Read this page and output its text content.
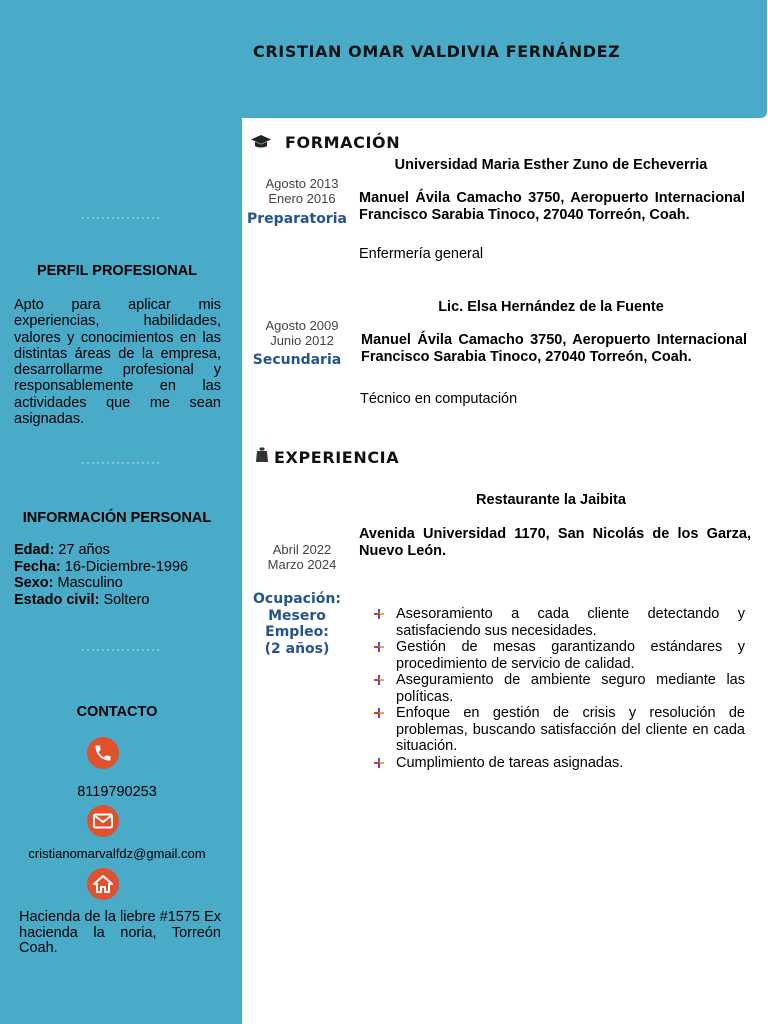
CRISTIAN OMAR VALDIVIA FERNÁNDEZ
················
PERFIL PROFESIONAL
Apto para aplicar mis experiencias, habilidades, valores y conocimientos en las distintas áreas de la empresa, desarrollarme profesional y responsablemente en las actividades que me sean asignadas.
················
INFORMACIÓN PERSONAL
Edad: 27 años
Fecha: 16-Diciembre-1996
Sexo: Masculino
Estado civil: Soltero
················
CONTACTO
8119790253
cristianomarvalfdz@gmail.com
Hacienda de la liebre #1575 Ex hacienda la noria, Torreón Coah.
FORMACIÓN
Universidad Maria Esther Zuno de Echeverria
Agosto 2013
Enero 2016
Preparatoria
Manuel Ávila Camacho 3750, Aeropuerto Internacional Francisco Sarabia Tinoco, 27040 Torreón, Coah.
Enfermería general
Lic. Elsa Hernández de la Fuente
Agosto 2009
Junio 2012
Secundaria
Manuel Ávila Camacho 3750, Aeropuerto Internacional Francisco Sarabia Tinoco, 27040 Torreón, Coah.
Técnico en computación
EXPERIENCIA
Restaurante la Jaibita
Avenida Universidad 1170, San Nicolás de los Garza, Nuevo León.
Abril 2022
Marzo 2024
Ocupación:
Mesero
Empleo:
(2 años)
Asesoramiento a cada cliente detectando y satisfaciendo sus necesidades.
Gestión de mesas garantizando estándares y procedimiento de servicio de calidad.
Aseguramiento de ambiente seguro mediante las políticas.
Enfoque en gestión de crisis y resolución de problemas, buscando satisfacción del cliente en cada situación.
Cumplimiento de tareas asignadas.
